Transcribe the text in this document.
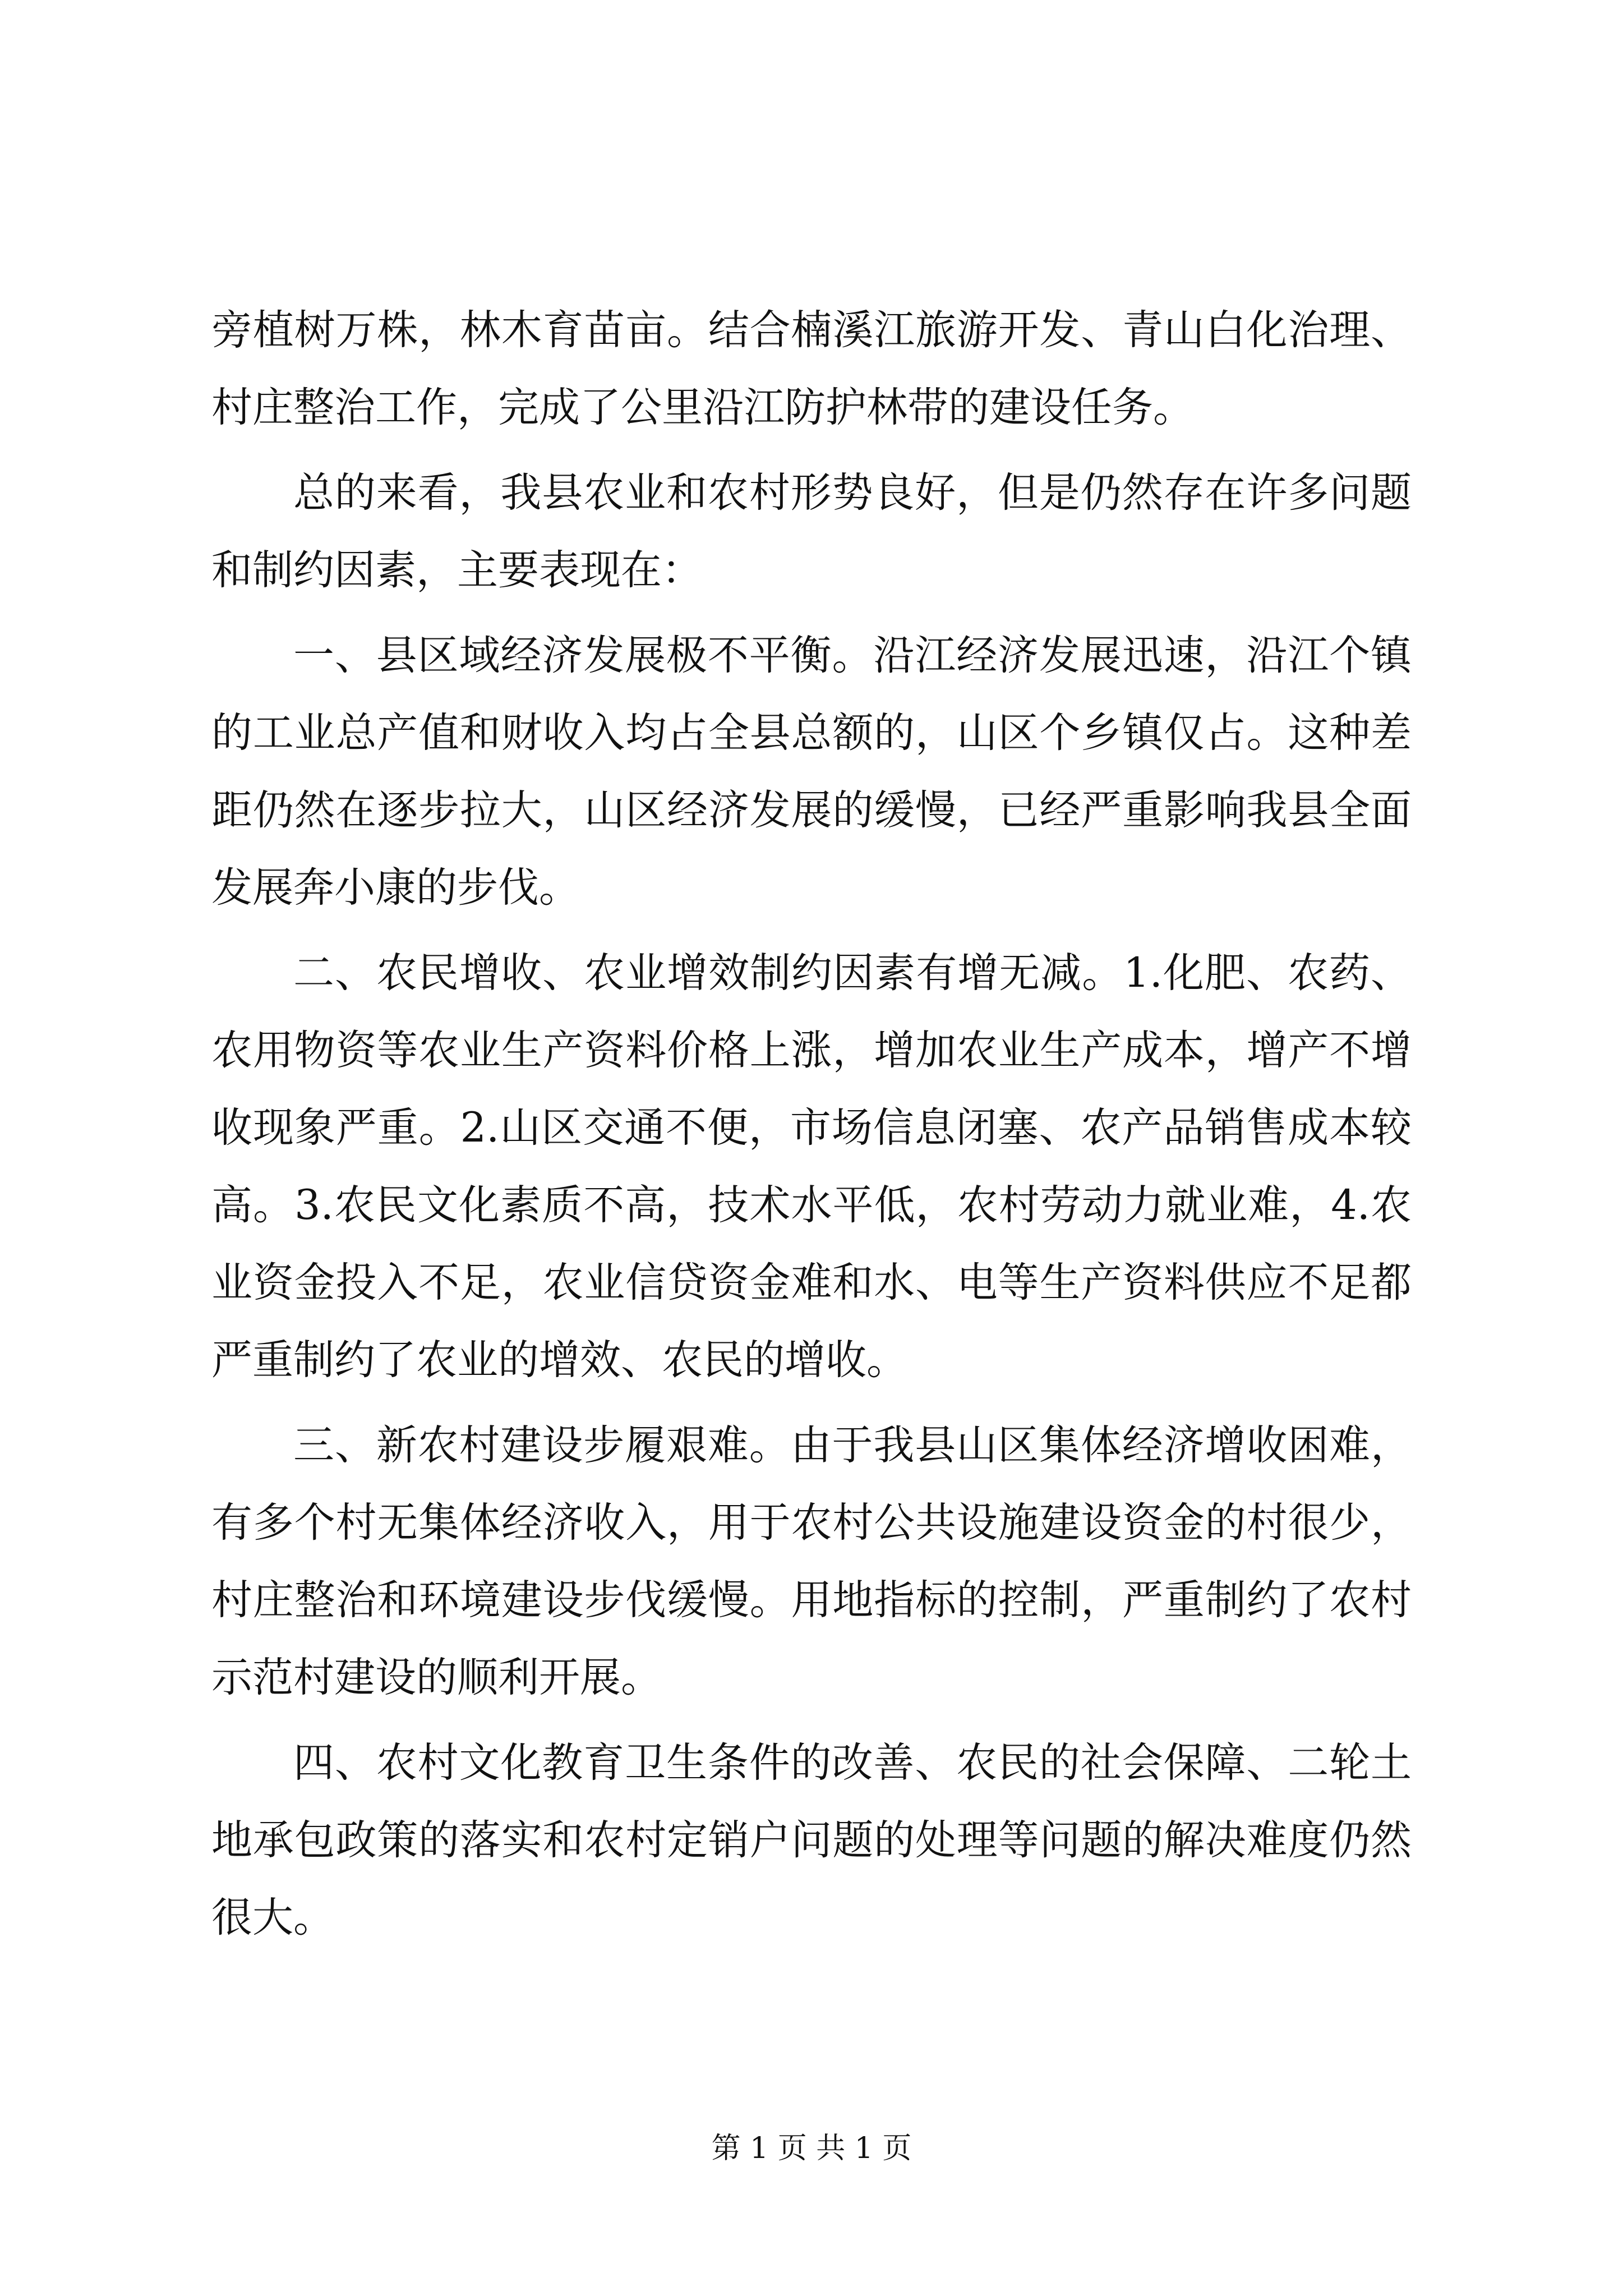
旁植树万株，林木育苗亩。结合楠溪江旅游开发、青山白化治理、村庄整治工作，完成了公里沿江防护林带的建设任务。

总的来看，我县农业和农村形势良好，但是仍然存在许多问题和制约因素，主要表现在：

一、县区域经济发展极不平衡。沿江经济发展迅速，沿江个镇的工业总产值和财收入均占全县总额的，山区个乡镇仅占。这种差距仍然在逐步拉大，山区经济发展的缓慢，已经严重影响我县全面发展奔小康的步伐。

二、农民增收、农业增效制约因素有增无减。1.化肥、农药、农用物资等农业生产资料价格上涨，增加农业生产成本，增产不增收现象严重。2.山区交通不便，市场信息闭塞、农产品销售成本较高。3.农民文化素质不高，技术水平低，农村劳动力就业难，4.农业资金投入不足，农业信贷资金难和水、电等生产资料供应不足都严重制约了农业的增效、农民的增收。

三、新农村建设步履艰难。由于我县山区集体经济增收困难，有多个村无集体经济收入，用于农村公共设施建设资金的村很少，村庄整治和环境建设步伐缓慢。用地指标的控制，严重制约了农村示范村建设的顺利开展。

四、农村文化教育卫生条件的改善、农民的社会保障、二轮土地承包政策的落实和农村定销户问题的处理等问题的解决难度仍然很大。

第 1 页 共 1 页
